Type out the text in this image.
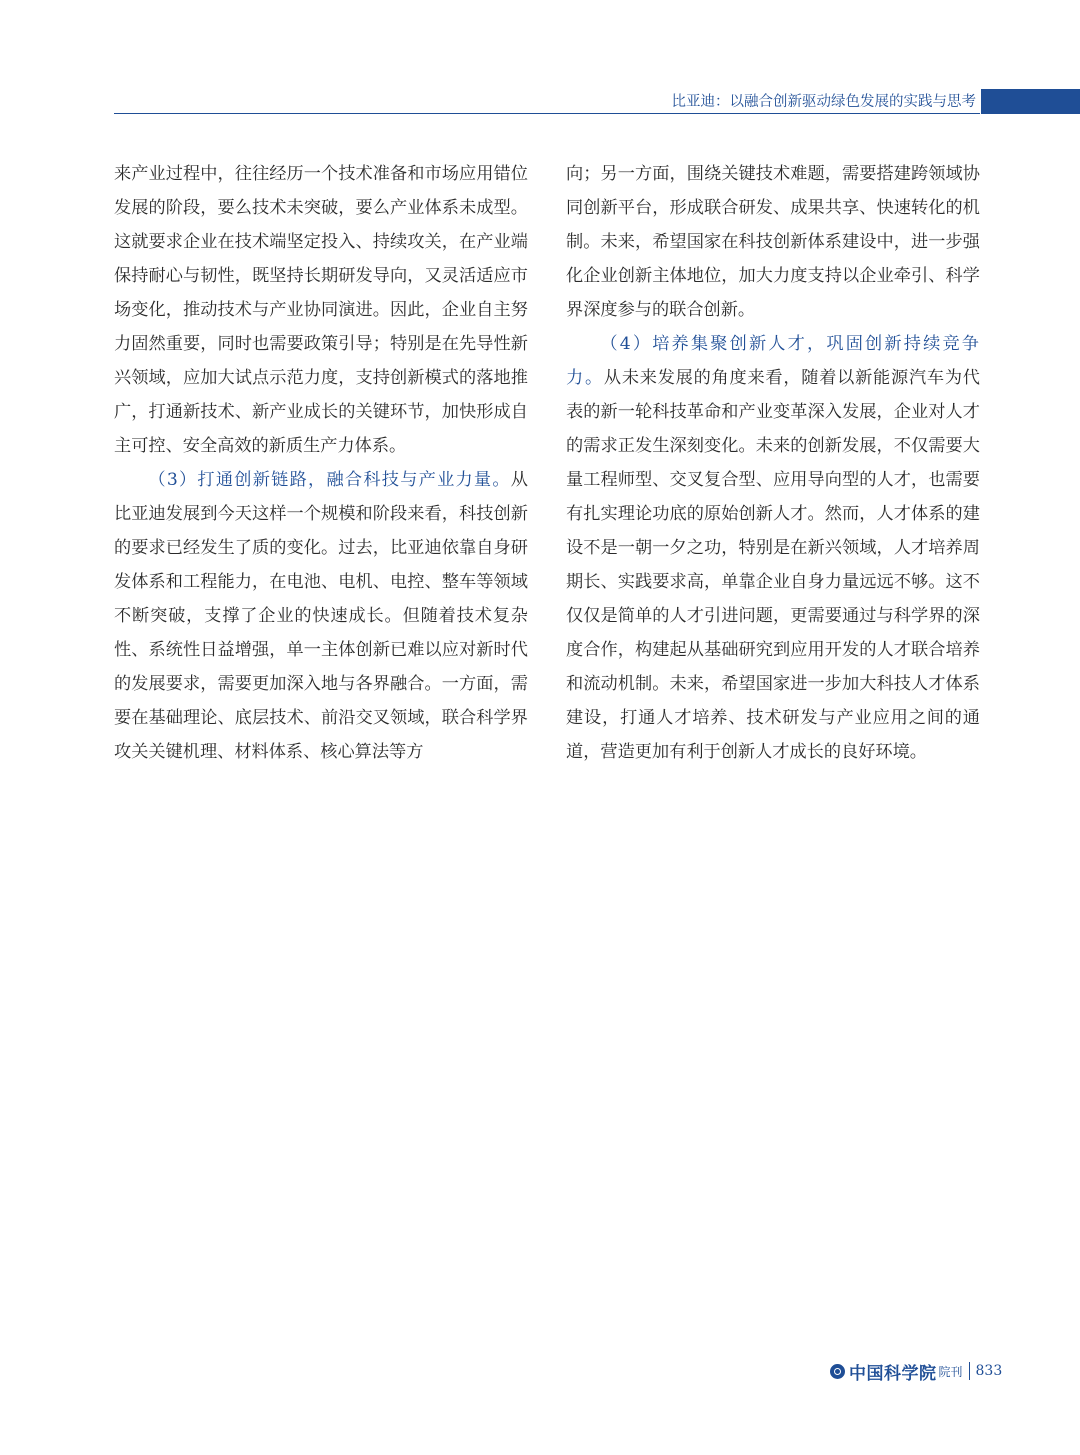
比亚迪：以融合创新驱动绿色发展的实践与思考

来产业过程中，往往经历一个技术准备和市场应用错位发展的阶段，要么技术未突破，要么产业体系未成型。这就要求企业在技术端坚定投入、持续攻关，在产业端保持耐心与韧性，既坚持长期研发导向，又灵活适应市场变化，推动技术与产业协同演进。因此，企业自主努力固然重要，同时也需要政策引导；特别是在先导性新兴领域，应加大试点示范力度，支持创新模式的落地推广，打通新技术、新产业成长的关键环节，加快形成自主可控、安全高效的新质生产力体系。

（3）打通创新链路，融合科技与产业力量。从比亚迪发展到今天这样一个规模和阶段来看，科技创新的要求已经发生了质的变化。过去，比亚迪依靠自身研发体系和工程能力，在电池、电机、电控、整车等领域不断突破，支撑了企业的快速成长。但随着技术复杂性、系统性日益增强，单一主体创新已难以应对新时代的发展要求，需要更加深入地与各界融合。一方面，需要在基础理论、底层技术、前沿交叉领域，联合科学界攻关关键机理、材料体系、核心算法等方

向；另一方面，围绕关键技术难题，需要搭建跨领域协同创新平台，形成联合研发、成果共享、快速转化的机制。未来，希望国家在科技创新体系建设中，进一步强化企业创新主体地位，加大力度支持以企业牵引、科学界深度参与的联合创新。

（4）培养集聚创新人才，巩固创新持续竞争力。从未来发展的角度来看，随着以新能源汽车为代表的新一轮科技革命和产业变革深入发展，企业对人才的需求正发生深刻变化。未来的创新发展，不仅需要大量工程师型、交叉复合型、应用导向型的人才，也需要有扎实理论功底的原始创新人才。然而，人才体系的建设不是一朝一夕之功，特别是在新兴领域，人才培养周期长、实践要求高，单靠企业自身力量远远不够。这不仅仅是简单的人才引进问题，更需要通过与科学界的深度合作，构建起从基础研究到应用开发的人才联合培养和流动机制。未来，希望国家进一步加大科技人才体系建设，打通人才培养、技术研发与产业应用之间的通道，营造更加有利于创新人才成长的良好环境。

中国科学院 院刊 833
